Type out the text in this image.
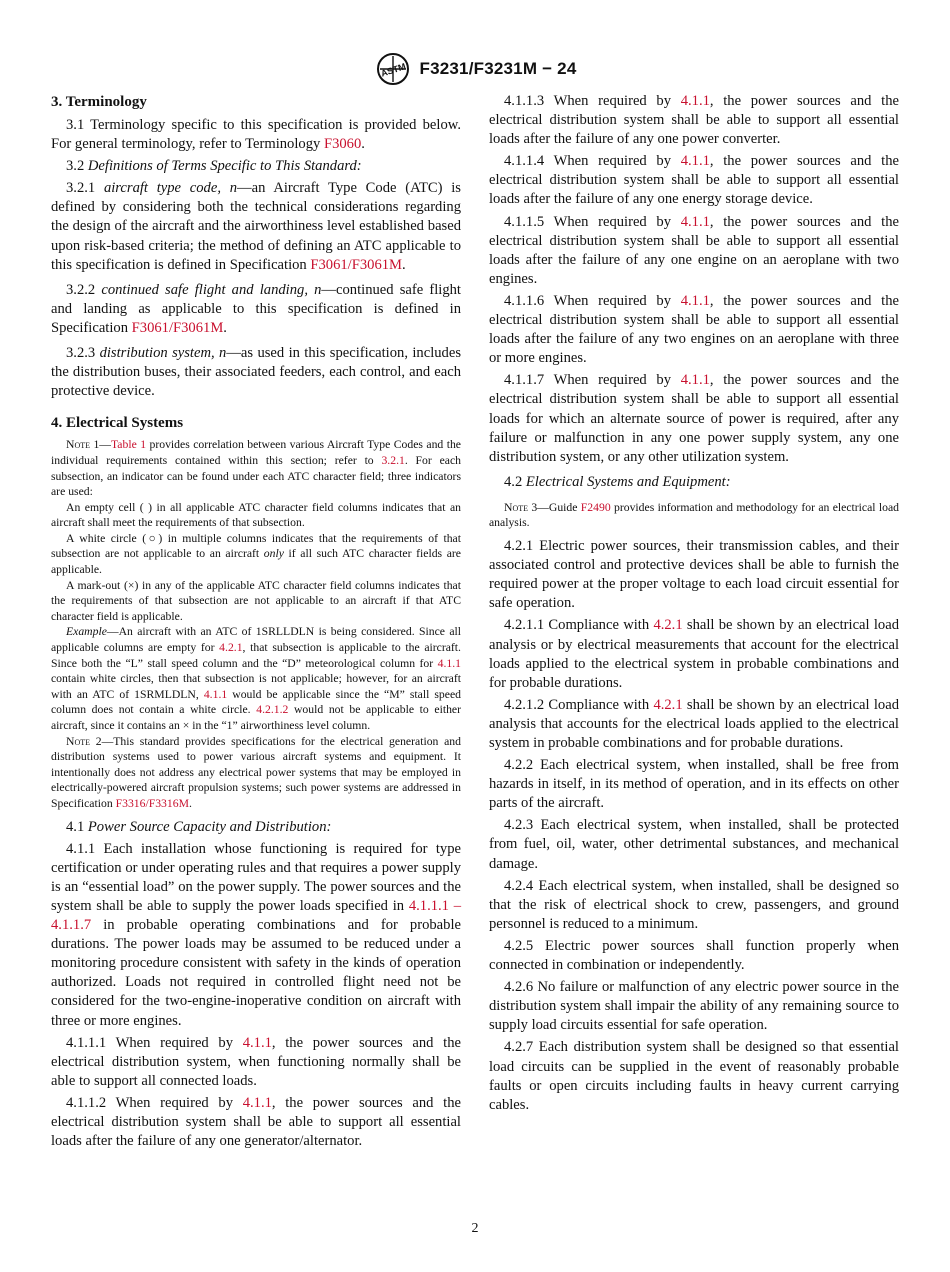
ASTM F3231/F3231M − 24

3. Terminology

3.1 Terminology specific to this specification is provided below. For general terminology, refer to Terminology F3060.

3.2 Definitions of Terms Specific to This Standard:

3.2.1 aircraft type code, n—an Aircraft Type Code (ATC) is defined by considering both the technical considerations regarding the design of the aircraft and the airworthiness level established based upon risk-based criteria; the method of defining an ATC applicable to this specification is defined in Specification F3061/F3061M.

3.2.2 continued safe flight and landing, n—continued safe flight and landing as applicable to this specification is defined in Specification F3061/F3061M.

3.2.3 distribution system, n—as used in this specification, includes the distribution buses, their associated feeders, each control, and each protective device.

4. Electrical Systems

Note 1—Table 1 provides correlation between various Aircraft Type Codes and the individual requirements contained within this section; refer to 3.2.1. For each subsection, an indicator can be found under each ATC character field; three indicators are used:

An empty cell ( ) in all applicable ATC character field columns indicates that an aircraft shall meet the requirements of that subsection.

A white circle (○) in multiple columns indicates that the requirements of that subsection are not applicable to an aircraft only if all such ATC character fields are applicable.

A mark-out (×) in any of the applicable ATC character field columns indicates that the requirements of that subsection are not applicable to an aircraft if that ATC character field is applicable.

Example—An aircraft with an ATC of 1SRLLDLN is being considered. Since all applicable columns are empty for 4.2.1, that subsection is applicable to the aircraft. Since both the “L” stall speed column and the “D” meteorological column for 4.1.1 contain white circles, then that subsection is not applicable; however, for an aircraft with an ATC of 1SRMLDLN, 4.1.1 would be applicable since the “M” stall speed column does not contain a white circle. 4.2.1.2 would not be applicable to either aircraft, since it contains an × in the “1” airworthiness level column.

Note 2—This standard provides specifications for the electrical generation and distribution systems used to power various aircraft systems and equipment. It intentionally does not address any electrical power systems that may be employed in electrically-powered aircraft propulsion systems; such power systems are addressed in Specification F3316/F3316M.

4.1 Power Source Capacity and Distribution:

4.1.1 Each installation whose functioning is required for type certification or under operating rules and that requires a power supply is an “essential load” on the power supply. The power sources and the system shall be able to supply the power loads specified in 4.1.1.1 – 4.1.1.7 in probable operating combinations and for probable durations. The power loads may be assumed to be reduced under a monitoring procedure consistent with safety in the kinds of operation authorized. Loads not required in controlled flight need not be considered for the two-engine-inoperative condition on aircraft with three or more engines.

4.1.1.1 When required by 4.1.1, the power sources and the electrical distribution system, when functioning normally shall be able to support all connected loads.

4.1.1.2 When required by 4.1.1, the power sources and the electrical distribution system shall be able to support all essential loads after the failure of any one generator/alternator.

4.1.1.3 When required by 4.1.1, the power sources and the electrical distribution system shall be able to support all essential loads after the failure of any one power converter.

4.1.1.4 When required by 4.1.1, the power sources and the electrical distribution system shall be able to support all essential loads after the failure of any one energy storage device.

4.1.1.5 When required by 4.1.1, the power sources and the electrical distribution system shall be able to support all essential loads after the failure of any one engine on an aeroplane with two engines.

4.1.1.6 When required by 4.1.1, the power sources and the electrical distribution system shall be able to support all essential loads after the failure of any two engines on an aeroplane with three or more engines.

4.1.1.7 When required by 4.1.1, the power sources and the electrical distribution system shall be able to support all essential loads for which an alternate source of power is required, after any failure or malfunction in any one power supply system, any one distribution system, or any other utilization system.

4.2 Electrical Systems and Equipment:

Note 3—Guide F2490 provides information and methodology for an electrical load analysis.

4.2.1 Electric power sources, their transmission cables, and their associated control and protective devices shall be able to furnish the required power at the proper voltage to each load circuit essential for safe operation.

4.2.1.1 Compliance with 4.2.1 shall be shown by an electrical load analysis or by electrical measurements that account for the electrical loads applied to the electrical system in probable combinations and for probable durations.

4.2.1.2 Compliance with 4.2.1 shall be shown by an electrical load analysis that accounts for the electrical loads applied to the electrical system in probable combinations and for probable durations.

4.2.2 Each electrical system, when installed, shall be free from hazards in itself, in its method of operation, and in its effects on other parts of the aircraft.

4.2.3 Each electrical system, when installed, shall be protected from fuel, oil, water, other detrimental substances, and mechanical damage.

4.2.4 Each electrical system, when installed, shall be designed so that the risk of electrical shock to crew, passengers, and ground personnel is reduced to a minimum.

4.2.5 Electric power sources shall function properly when connected in combination or independently.

4.2.6 No failure or malfunction of any electric power source in the distribution system shall impair the ability of any remaining source to supply load circuits essential for safe operation.

4.2.7 Each distribution system shall be designed so that essential load circuits can be supplied in the event of reasonably probable faults or open circuits including faults in heavy current carrying cables.

2
